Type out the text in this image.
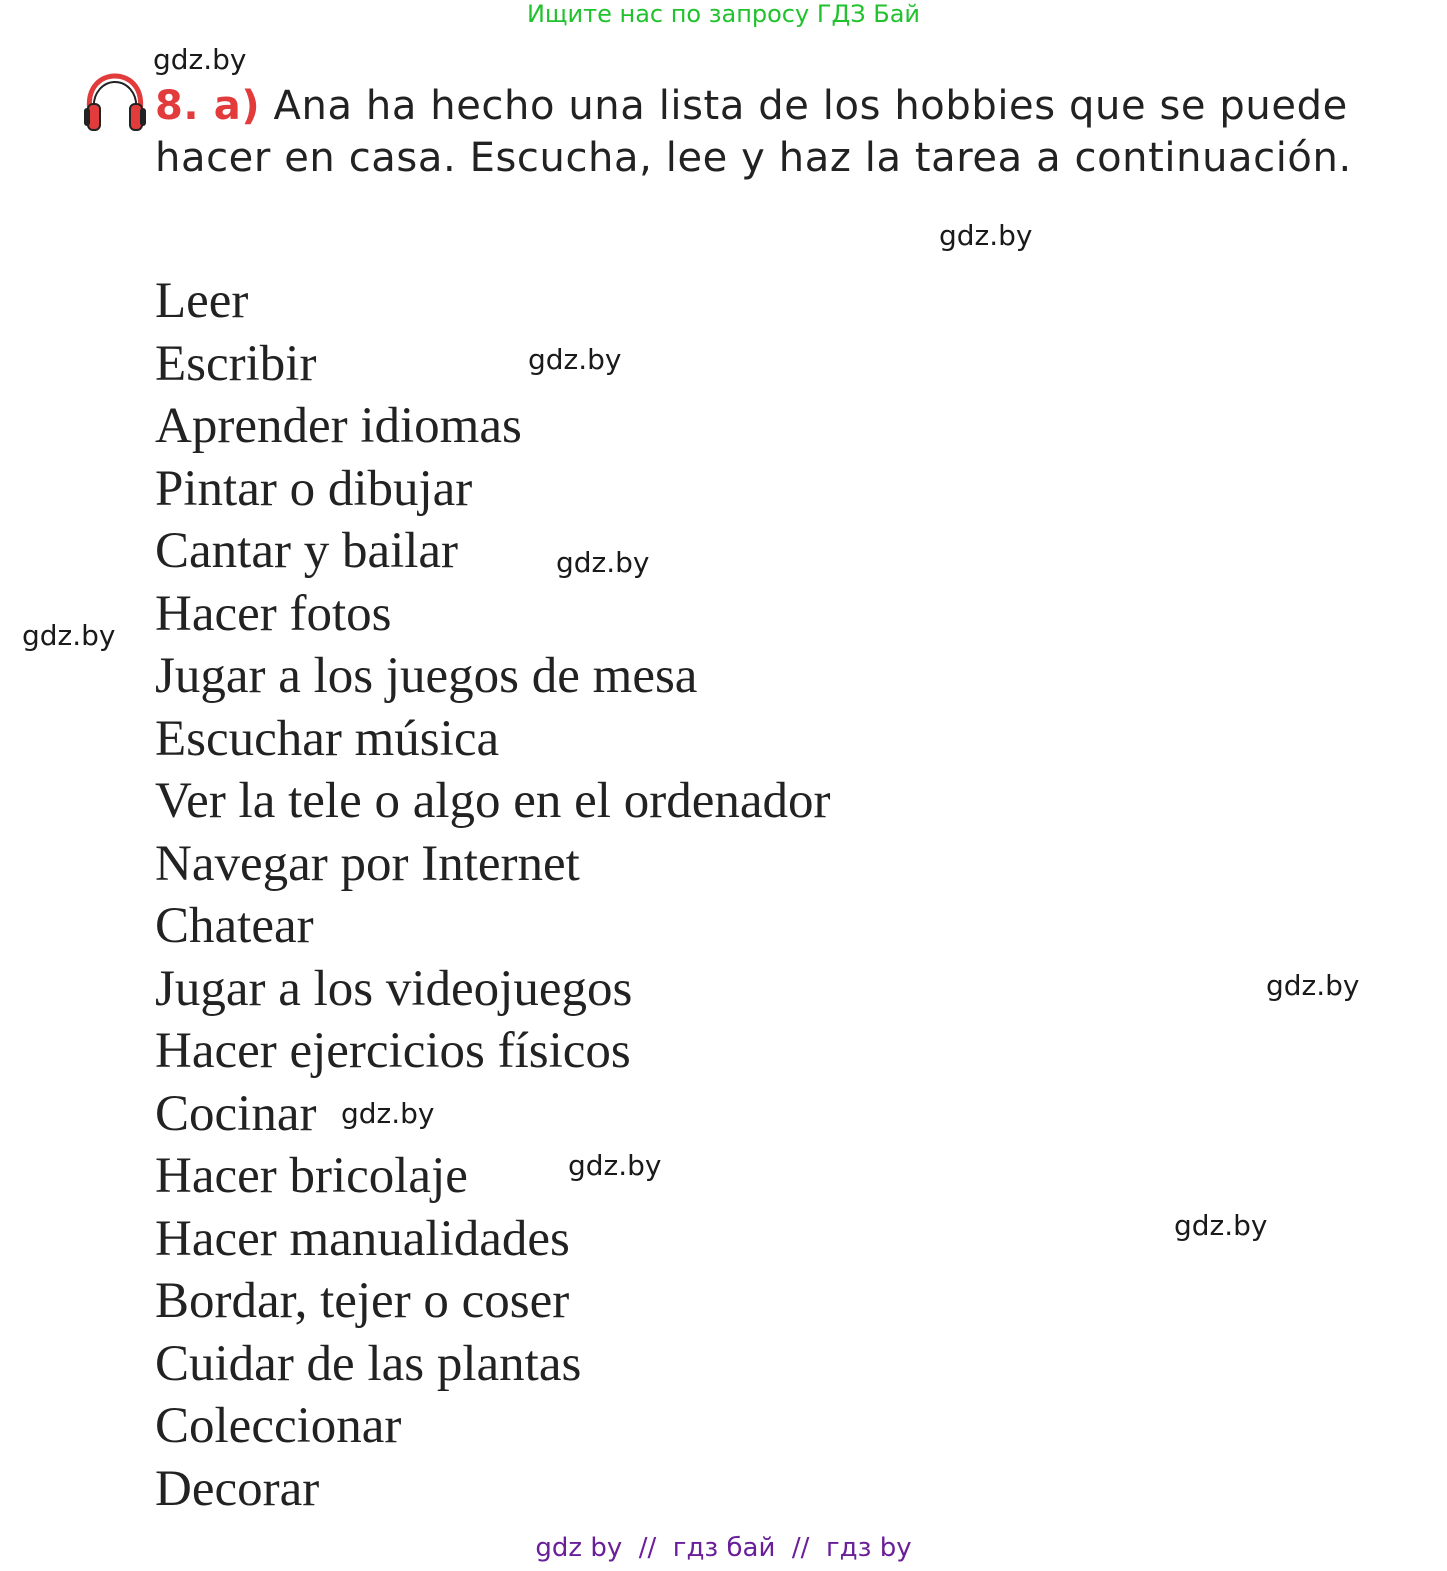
Ищите нас по запросу ГДЗ Бай
gdz.by
gdz.by
gdz.by
gdz.by
gdz.by
gdz.by
gdz.by
gdz.by
gdz.by
8. a) Ana ha hecho una lista de los hobbies que se puede hacer en casa. Escucha, lee y haz la tarea a continuación.
Leer
Escribir
Aprender idiomas
Pintar o dibujar
Cantar y bailar
Hacer fotos
Jugar a los juegos de mesa
Escuchar música
Ver la tele o algo en el ordenador
Navegar por Internet
Chatear
Jugar a los videojuegos
Hacer ejercicios físicos
Cocinar
Hacer bricolaje
Hacer manualidades
Bordar, tejer o coser
Cuidar de las plantas
Coleccionar
Decorar
gdz by  //  гдз бай  //  гдз by
